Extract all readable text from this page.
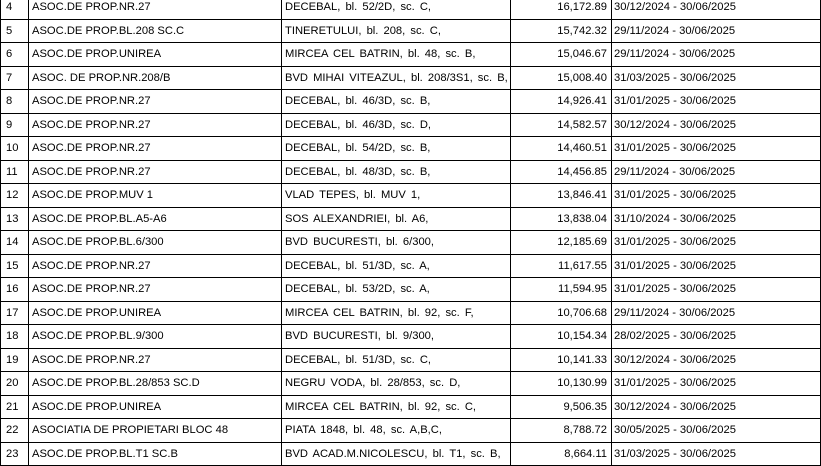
4	ASOC.DE PROP.NR.27	DECEBAL, bl. 52/2D, sc. C,	16,172.89	30/12/2024 - 30/06/2025
5	ASOC.DE PROP.BL.208 SC.C	TINERETULUI, bl. 208, sc. C,	15,742.32	29/11/2024 - 30/06/2025
6	ASOC.DE PROP.UNIREA	MIRCEA CEL BATRIN, bl. 48, sc. B,	15,046.67	29/11/2024 - 30/06/2025
7	ASOC. DE PROP.NR.208/B	BVD MIHAI VITEAZUL, bl. 208/3S1, sc. B,	15,008.40	31/03/2025 - 30/06/2025
8	ASOC.DE PROP.NR.27	DECEBAL, bl. 46/3D, sc. B,	14,926.41	31/01/2025 - 30/06/2025
9	ASOC.DE PROP.NR.27	DECEBAL, bl. 46/3D, sc. D,	14,582.57	30/12/2024 - 30/06/2025
10	ASOC.DE PROP.NR.27	DECEBAL, bl. 54/2D, sc. B,	14,460.51	31/01/2025 - 30/06/2025
11	ASOC.DE PROP.NR.27	DECEBAL, bl. 48/3D, sc. B,	14,456.85	29/11/2024 - 30/06/2025
12	ASOC.DE PROP.MUV 1	VLAD TEPES, bl. MUV 1,	13,846.41	31/01/2025 - 30/06/2025
13	ASOC.DE PROP.BL.A5-A6	SOS ALEXANDRIEI, bl. A6,	13,838.04	31/10/2024 - 30/06/2025
14	ASOC.DE PROP.BL.6/300	BVD BUCURESTI, bl. 6/300,	12,185.69	31/01/2025 - 30/06/2025
15	ASOC.DE PROP.NR.27	DECEBAL, bl. 51/3D, sc. A,	11,617.55	31/01/2025 - 30/06/2025
16	ASOC.DE PROP.NR.27	DECEBAL, bl. 53/2D, sc. A,	11,594.95	31/01/2025 - 30/06/2025
17	ASOC.DE PROP.UNIREA	MIRCEA CEL BATRIN, bl. 92, sc. F,	10,706.68	29/11/2024 - 30/06/2025
18	ASOC.DE PROP.BL.9/300	BVD BUCURESTI, bl. 9/300,	10,154.34	28/02/2025 - 30/06/2025
19	ASOC.DE PROP.NR.27	DECEBAL, bl. 51/3D, sc. C,	10,141.33	30/12/2024 - 30/06/2025
20	ASOC.DE PROP.BL.28/853 SC.D	NEGRU VODA, bl. 28/853, sc. D,	10,130.99	31/01/2025 - 30/06/2025
21	ASOC.DE PROP.UNIREA	MIRCEA CEL BATRIN, bl. 92, sc. C,	9,506.35	30/12/2024 - 30/06/2025
22	ASOCIATIA DE PROPIETARI BLOC 48	PIATA 1848, bl. 48, sc. A,B,C,	8,788.72	30/05/2025 - 30/06/2025
23	ASOC.DE PROP.BL.T1 SC.B	BVD ACAD.M.NICOLESCU, bl. T1, sc. B,	8,664.11	31/03/2025 - 30/06/2025
